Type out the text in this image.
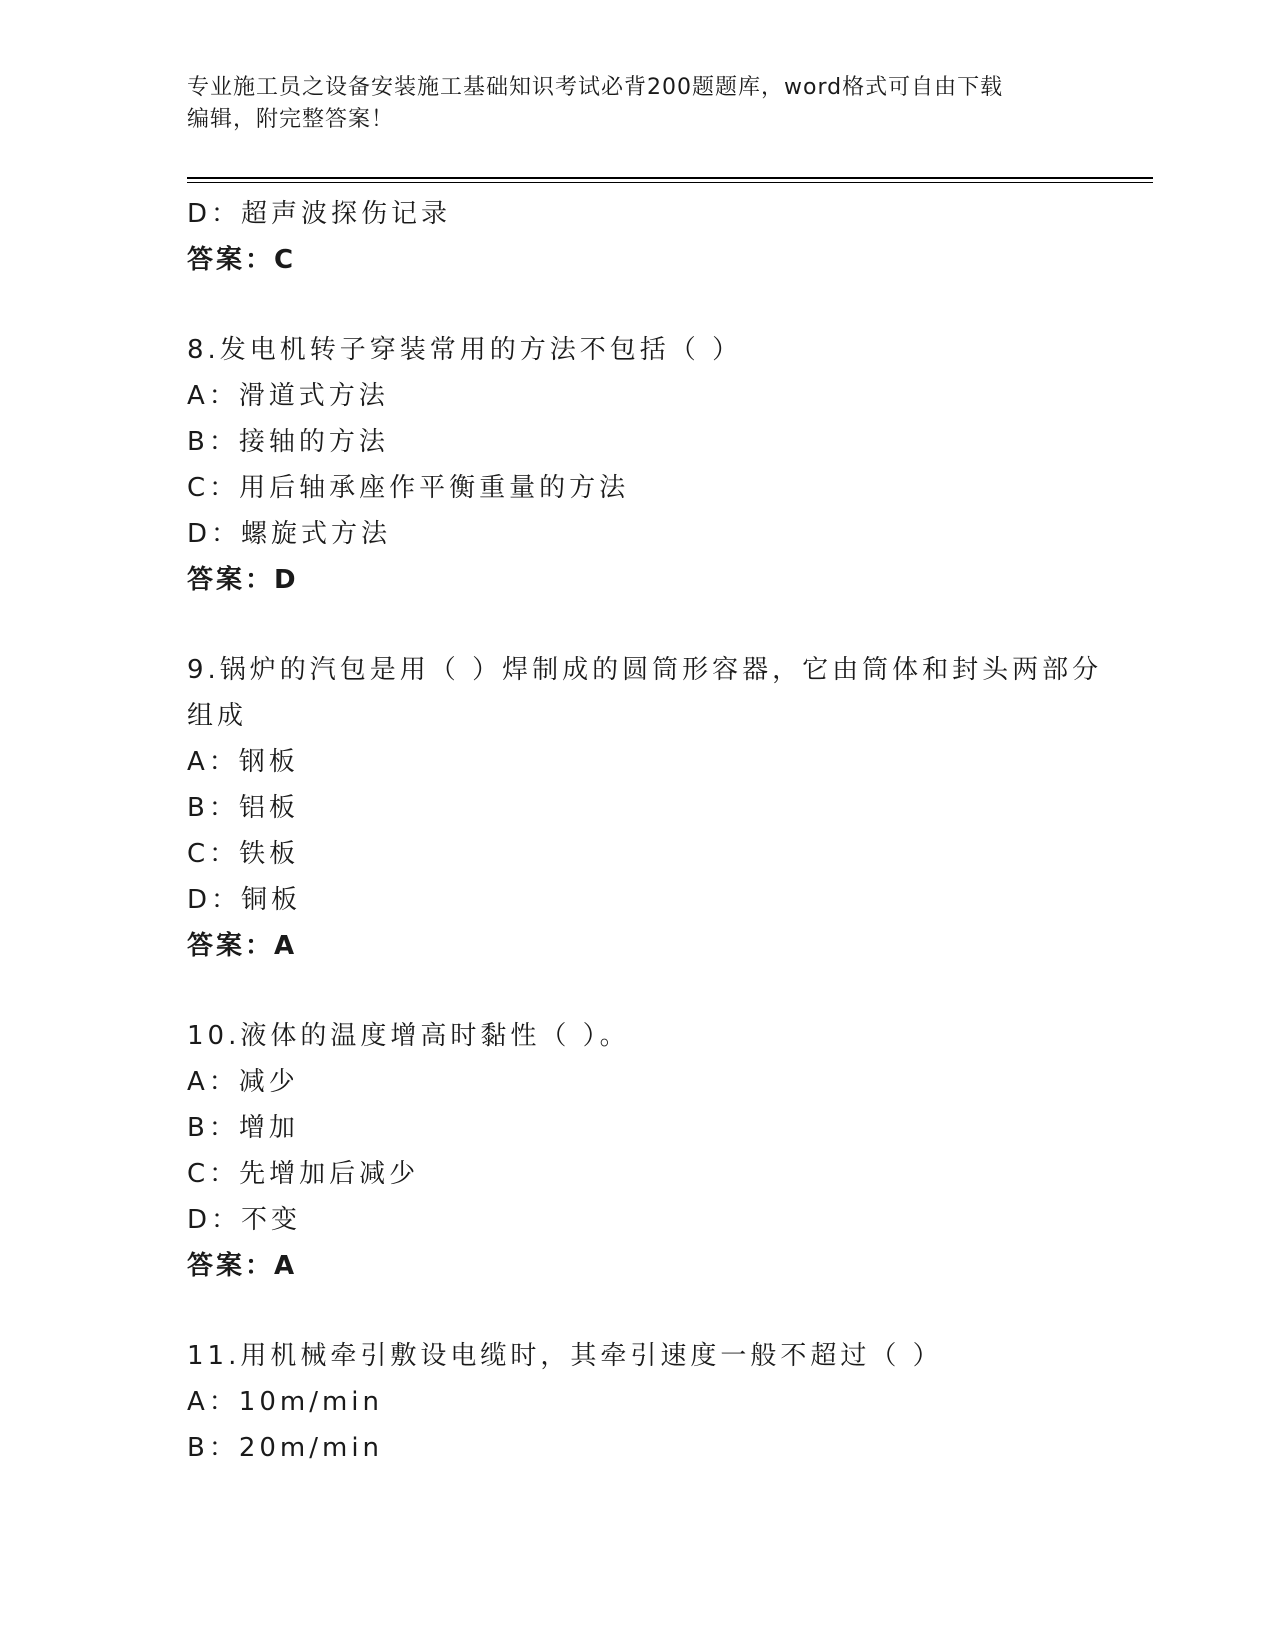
专业施工员之设备安装施工基础知识考试必背200题题库，word格式可自由下载
编辑，附完整答案！
D：超声波探伤记录
答案：C
8.发电机转子穿装常用的方法不包括（ ）
A：滑道式方法
B：接轴的方法
C：用后轴承座作平衡重量的方法
D：螺旋式方法
答案：D
9.锅炉的汽包是用（ ）焊制成的圆筒形容器，它由筒体和封头两部分
组成
A：钢板
B：铝板
C：铁板
D：铜板
答案：A
10.液体的温度增高时黏性（ ）。
A：减少
B：增加
C：先增加后减少
D：不变
答案：A
11.用机械牵引敷设电缆时，其牵引速度一般不超过（ ）
A：10m/min
B：20m/min
